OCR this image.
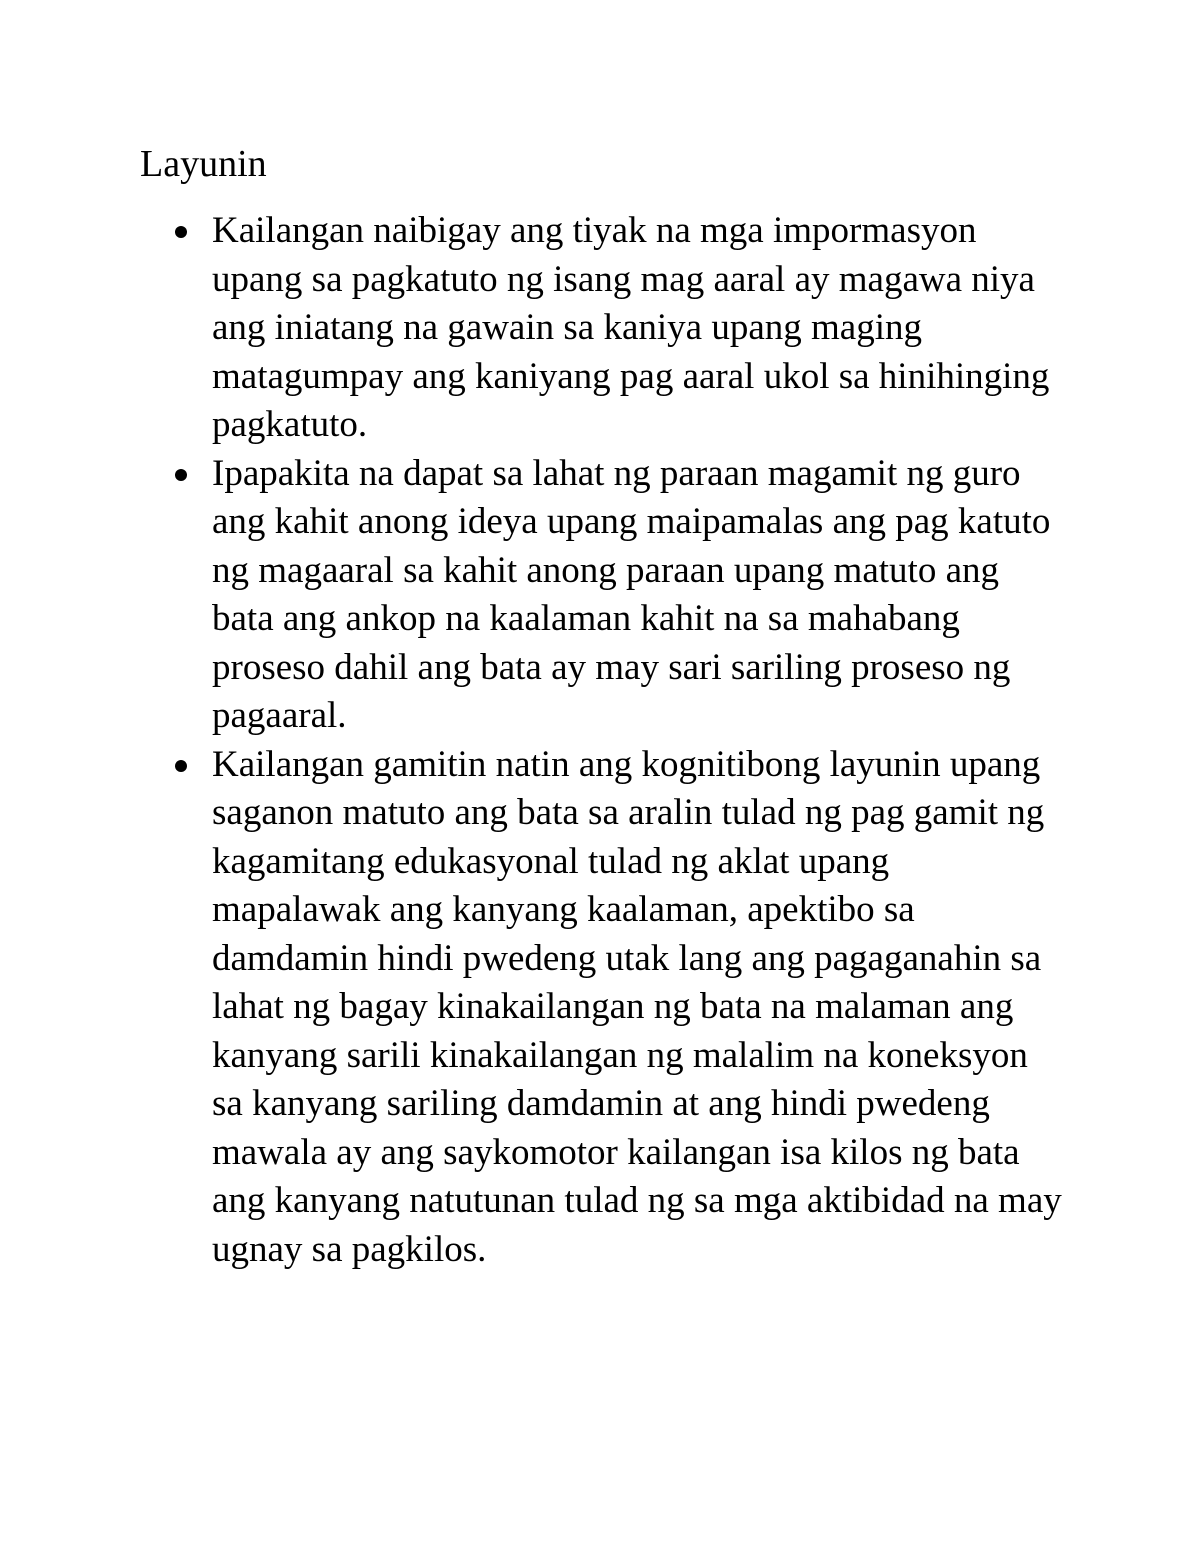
Layunin
Kailangan naibigay ang tiyak na mga impormasyon upang sa pagkatuto ng isang mag aaral ay magawa niya ang iniatang na gawain sa kaniya upang maging matagumpay ang kaniyang pag aaral ukol sa hinihinging pagkatuto.
Ipapakita na dapat sa lahat ng paraan magamit ng guro ang kahit anong ideya upang maipamalas ang pag katuto ng magaaral sa kahit anong paraan upang matuto ang bata ang ankop na kaalaman kahit na sa mahabang proseso dahil ang bata ay may sari sariling proseso ng pagaaral.
Kailangan gamitin natin ang kognitibong layunin upang saganon matuto ang bata sa aralin tulad ng pag gamit ng kagamitang edukasyonal tulad ng aklat upang mapalawak ang kanyang kaalaman, apektibo sa damdamin hindi pwedeng utak lang ang pagaganahin sa lahat ng bagay kinakailangan ng bata na malaman ang kanyang sarili kinakailangan ng malalim na koneksyon sa kanyang sariling damdamin at ang hindi pwedeng mawala ay ang saykomotor kailangan isa kilos ng bata ang kanyang natutunan tulad ng sa mga aktibidad na may ugnay sa pagkilos.
